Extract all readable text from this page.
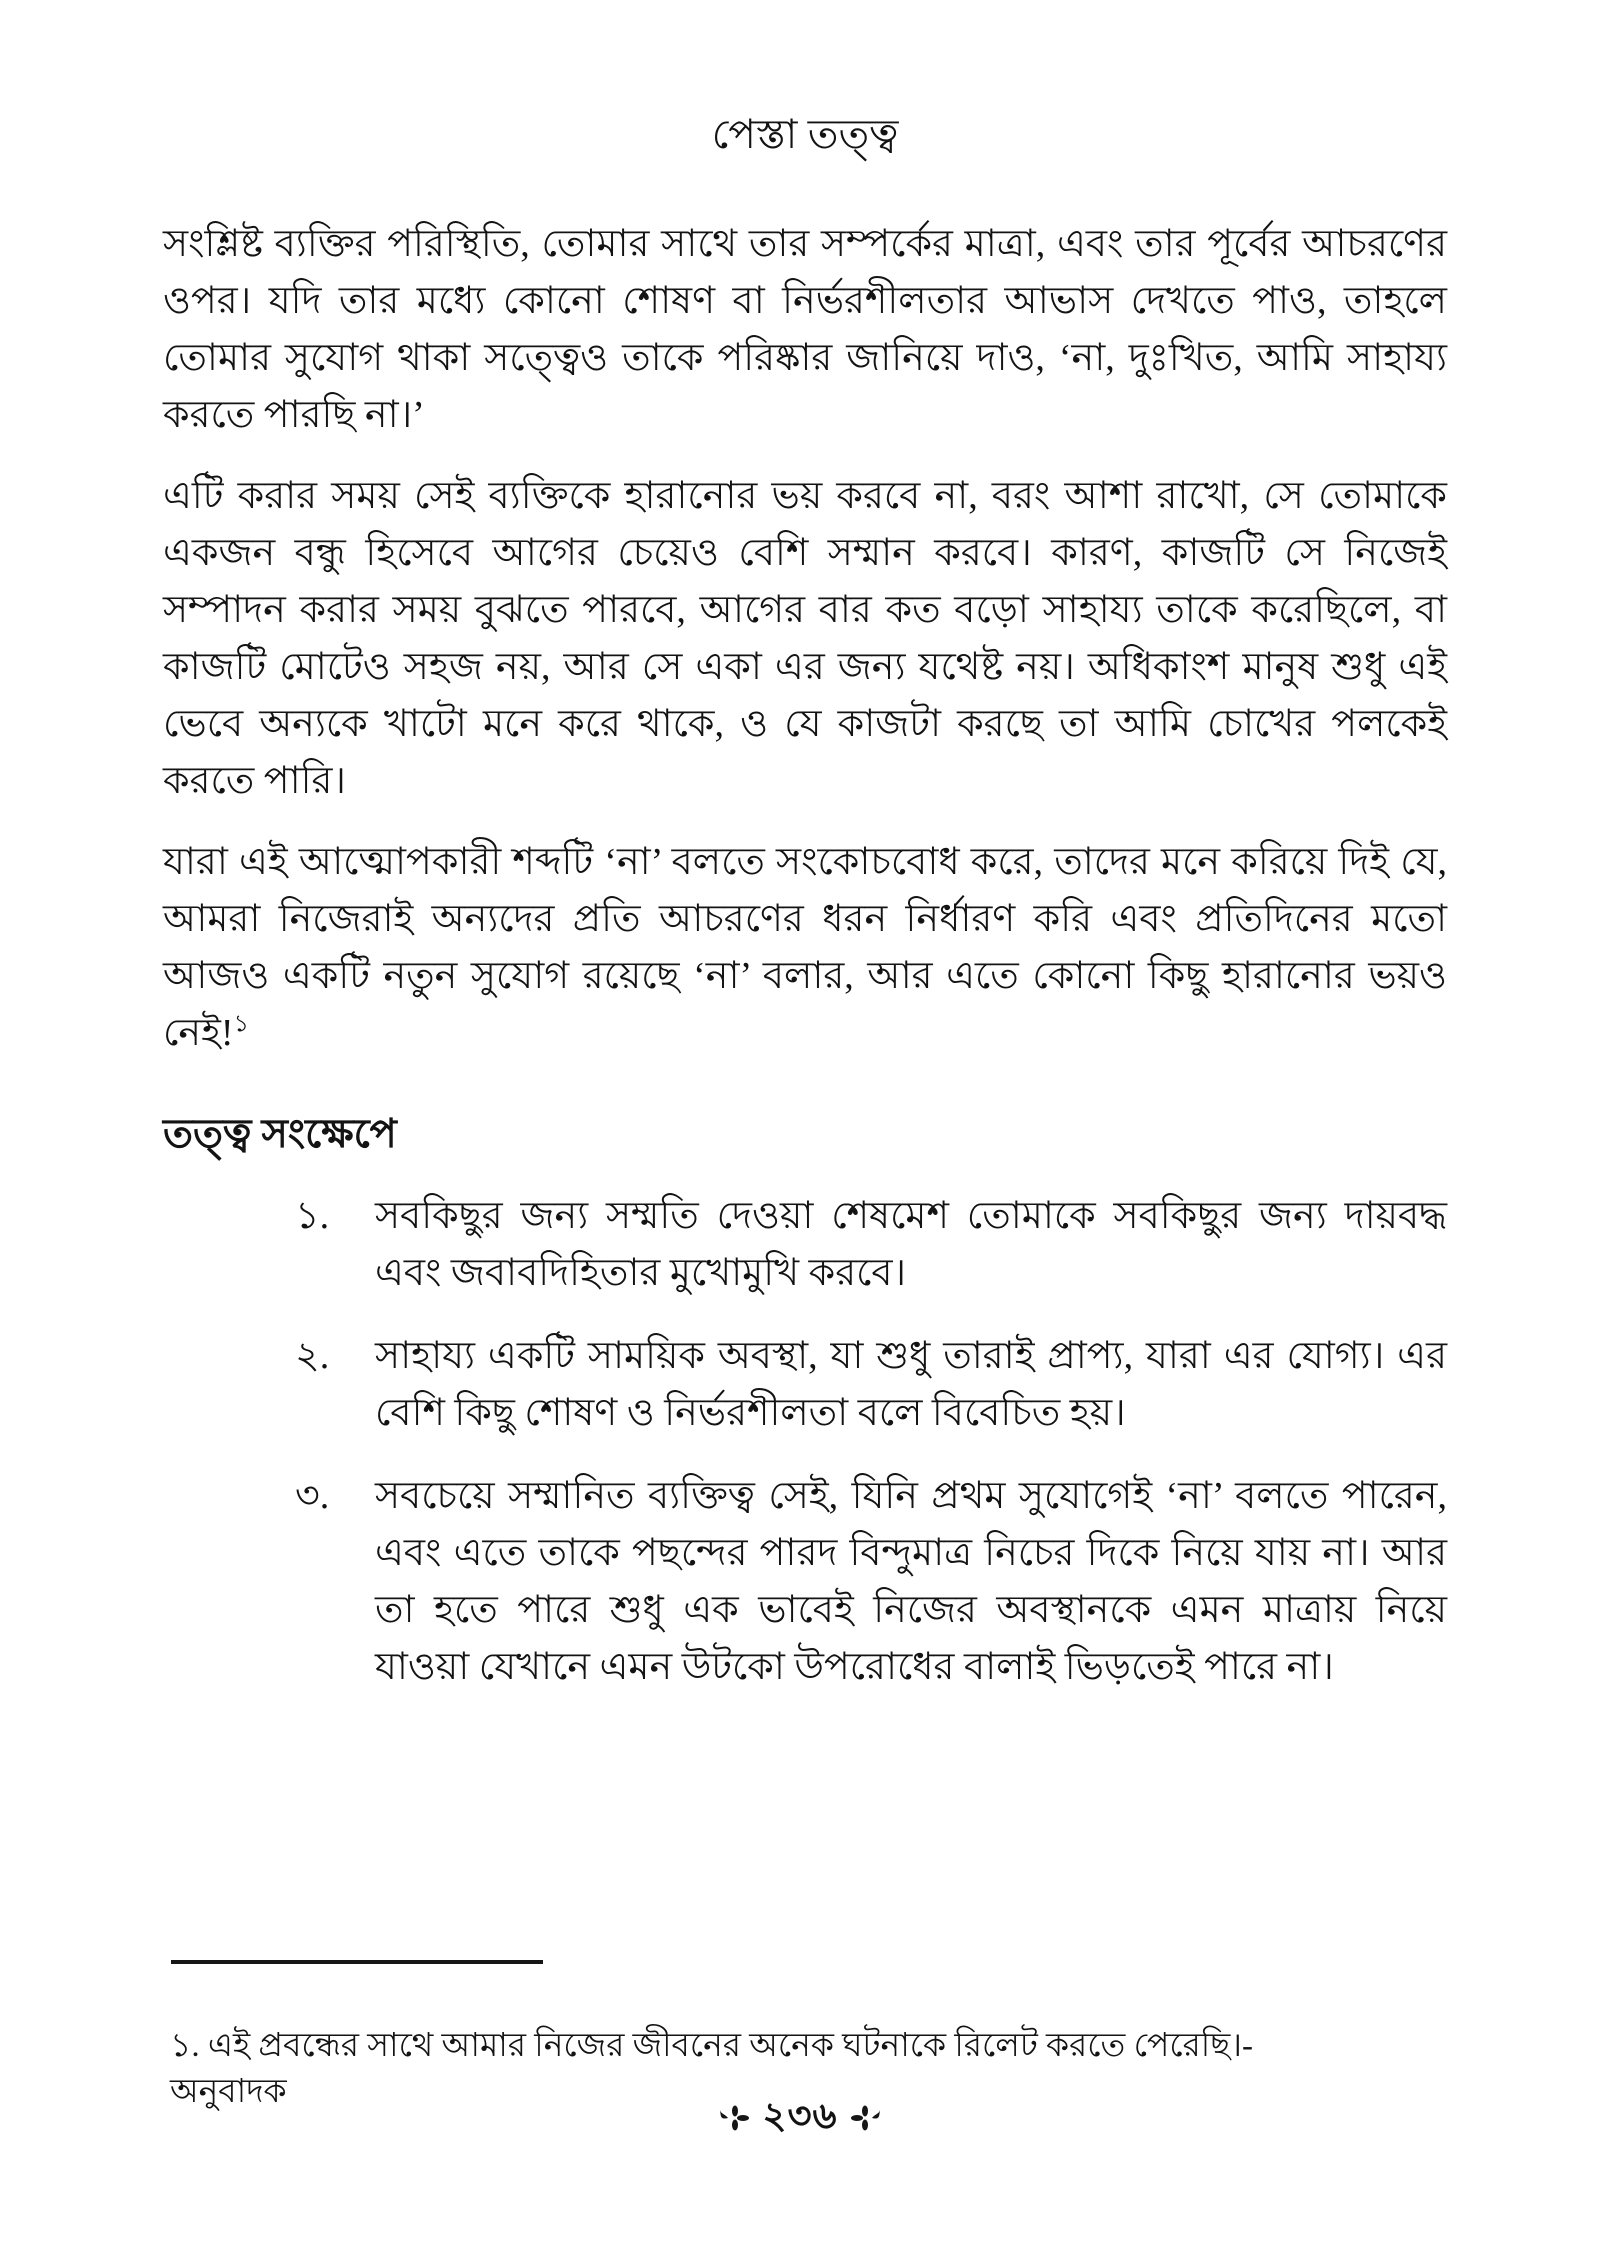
পেস্তা তত্ত্ব

সংশ্লিষ্ট ব্যক্তির পরিস্থিতি, তোমার সাথে তার সম্পর্কের মাত্রা, এবং তার পূর্বের আচরণের ওপর। যদি তার মধ্যে কোনো শোষণ বা নির্ভরশীলতার আভাস দেখতে পাও, তাহলে তোমার সুযোগ থাকা সত্ত্বেও তাকে পরিষ্কার জানিয়ে দাও, ‘না, দুঃখিত, আমি সাহায্য করতে পারছি না।’

এটি করার সময় সেই ব্যক্তিকে হারানোর ভয় করবে না, বরং আশা রাখো, সে তোমাকে একজন বন্ধু হিসেবে আগের চেয়েও বেশি সম্মান করবে। কারণ, কাজটি সে নিজেই সম্পাদন করার সময় বুঝতে পারবে, আগের বার কত বড়ো সাহায্য তাকে করেছিলে, বা কাজটি মোটেও সহজ নয়, আর সে একা এর জন্য যথেষ্ট নয়। অধিকাংশ মানুষ শুধু এই ভেবে অন্যকে খাটো মনে করে থাকে, ও যে কাজটা করছে তা আমি চোখের পলকেই করতে পারি।

যারা এই আত্মোপকারী শব্দটি ‘না’ বলতে সংকোচবোধ করে, তাদের মনে করিয়ে দিই যে, আমরা নিজেরাই অন্যদের প্রতি আচরণের ধরন নির্ধারণ করি এবং প্রতিদিনের মতো আজও একটি নতুন সুযোগ রয়েছে ‘না’ বলার, আর এতে কোনো কিছু হারানোর ভয়ও নেই!$^১$

তত্ত্ব সংক্ষেপে
১.	সবকিছুর জন্য সম্মতি দেওয়া শেষমেশ তোমাকে সবকিছুর জন্য দায়বদ্ধ এবং জবাবদিহিতার মুখোমুখি করবে।
২.	সাহায্য একটি সাময়িক অবস্থা, যা শুধু তারাই প্রাপ্য, যারা এর যোগ্য। এর বেশি কিছু শোষণ ও নির্ভরশীলতা বলে বিবেচিত হয়।
৩.	সবচেয়ে সম্মানিত ব্যক্তিত্ব সেই, যিনি প্রথম সুযোগেই ‘না’ বলতে পারেন, এবং এতে তাকে পছন্দের পারদ বিন্দুমাত্র নিচের দিকে নিয়ে যায় না। আর তা হতে পারে শুধু এক ভাবেই নিজের অবস্থানকে এমন মাত্রায় নিয়ে যাওয়া যেখানে এমন উটকো উপরোধের বালাই ভিড়তেই পারে না।

১. এই প্রবন্ধের সাথে আমার নিজের জীবনের অনেক ঘটনাকে রিলেট করতে পেরেছি।-অনুবাদক

২৩৬
